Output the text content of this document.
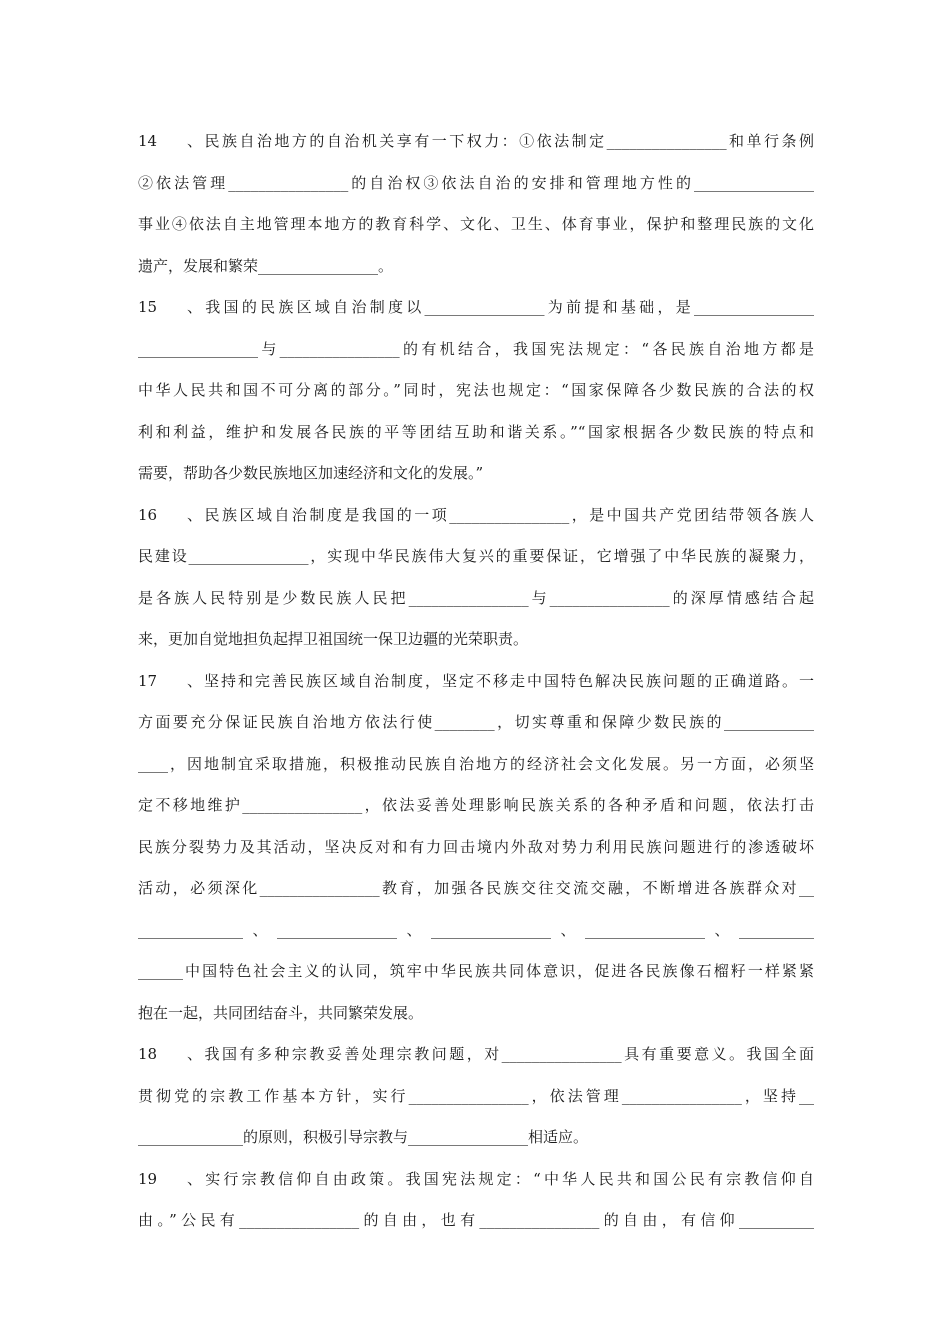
14、民族自治地方的自治机关享有一下权力：①依法制定________________和单行条例
②依法管理________________的自治权③依法自治的安排和管理地方性的________________
事业④依法自主地管理本地方的教育科学、文化、卫生、体育事业，保护和整理民族的文化
遗产，发展和繁荣________________。
15、我国的民族区域自治制度以________________为前提和基础，是________________
________________与________________的有机结合，我国宪法规定：“各民族自治地方都是
中华人民共和国不可分离的部分。”同时，宪法也规定：“国家保障各少数民族的合法的权
利和利益，维护和发展各民族的平等团结互助和谐关系。”“国家根据各少数民族的特点和
需要，帮助各少数民族地区加速经济和文化的发展。”
16、民族区域自治制度是我国的一项________________，是中国共产党团结带领各族人
民建设________________，实现中华民族伟大复兴的重要保证，它增强了中华民族的凝聚力，
是各族人民特别是少数民族人民把________________与________________的深厚情感结合起
来，更加自觉地担负起捍卫祖国统一保卫边疆的光荣职责。
17、坚持和完善民族区域自治制度，坚定不移走中国特色解决民族问题的正确道路。一
方面要充分保证民族自治地方依法行使________，切实尊重和保障少数民族的____________
____，因地制宜采取措施，积极推动民族自治地方的经济社会文化发展。另一方面，必须坚
定不移地维护________________，依法妥善处理影响民族关系的各种矛盾和问题，依法打击
民族分裂势力及其活动，坚决反对和有力回击境内外敌对势力利用民族问题进行的渗透破坏
活动，必须深化________________教育，加强各民族交往交流交融，不断增进各族群众对__
______________、________________、________________、________________、__________
______中国特色社会主义的认同，筑牢中华民族共同体意识，促进各民族像石榴籽一样紧紧
抱在一起，共同团结奋斗，共同繁荣发展。
18、我国有多种宗教妥善处理宗教问题，对________________具有重要意义。我国全面
贯彻党的宗教工作基本方针，实行________________，依法管理________________，坚持__
______________的原则，积极引导宗教与________________相适应。
19、实行宗教信仰自由政策。我国宪法规定：“中华人民共和国公民有宗教信仰自
由。”公民有________________的自由，也有________________的自由，有信仰__________
